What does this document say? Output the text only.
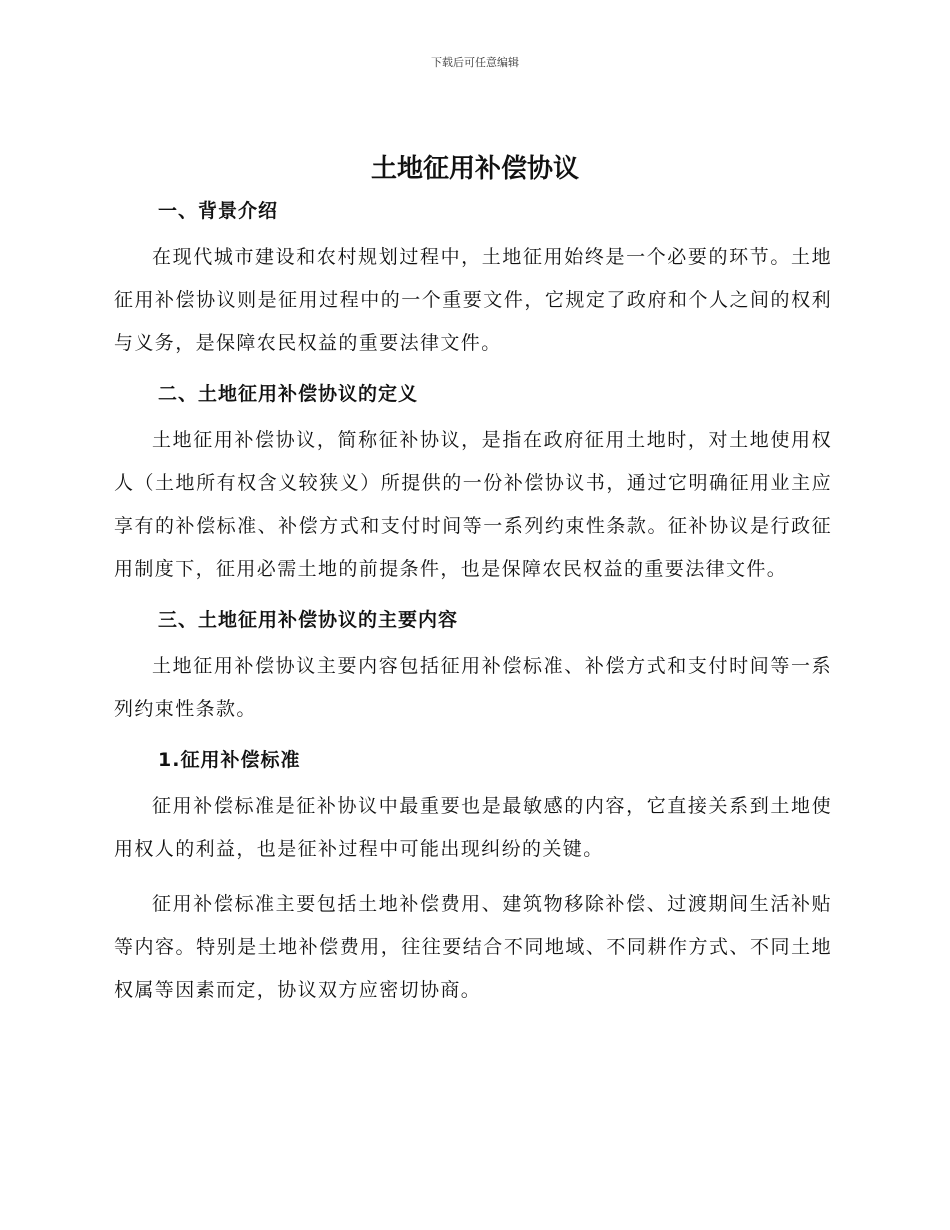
下载后可任意编辑
土地征用补偿协议
一、背景介绍

在现代城市建设和农村规划过程中，土地征用始终是一个必要的环节。土地征用补偿协议则是征用过程中的一个重要文件，它规定了政府和个人之间的权利与义务，是保障农民权益的重要法律文件。

二、土地征用补偿协议的定义

土地征用补偿协议，简称征补协议，是指在政府征用土地时，对土地使用权人（土地所有权含义较狭义）所提供的一份补偿协议书，通过它明确征用业主应享有的补偿标准、补偿方式和支付时间等一系列约束性条款。征补协议是行政征用制度下，征用必需土地的前提条件，也是保障农民权益的重要法律文件。

三、土地征用补偿协议的主要内容

土地征用补偿协议主要内容包括征用补偿标准、补偿方式和支付时间等一系列约束性条款。

1.征用补偿标准

征用补偿标准是征补协议中最重要也是最敏感的内容，它直接关系到土地使用权人的利益，也是征补过程中可能出现纠纷的关键。

征用补偿标准主要包括土地补偿费用、建筑物移除补偿、过渡期间生活补贴等内容。特别是土地补偿费用，往往要结合不同地域、不同耕作方式、不同土地权属等因素而定，协议双方应密切协商。
